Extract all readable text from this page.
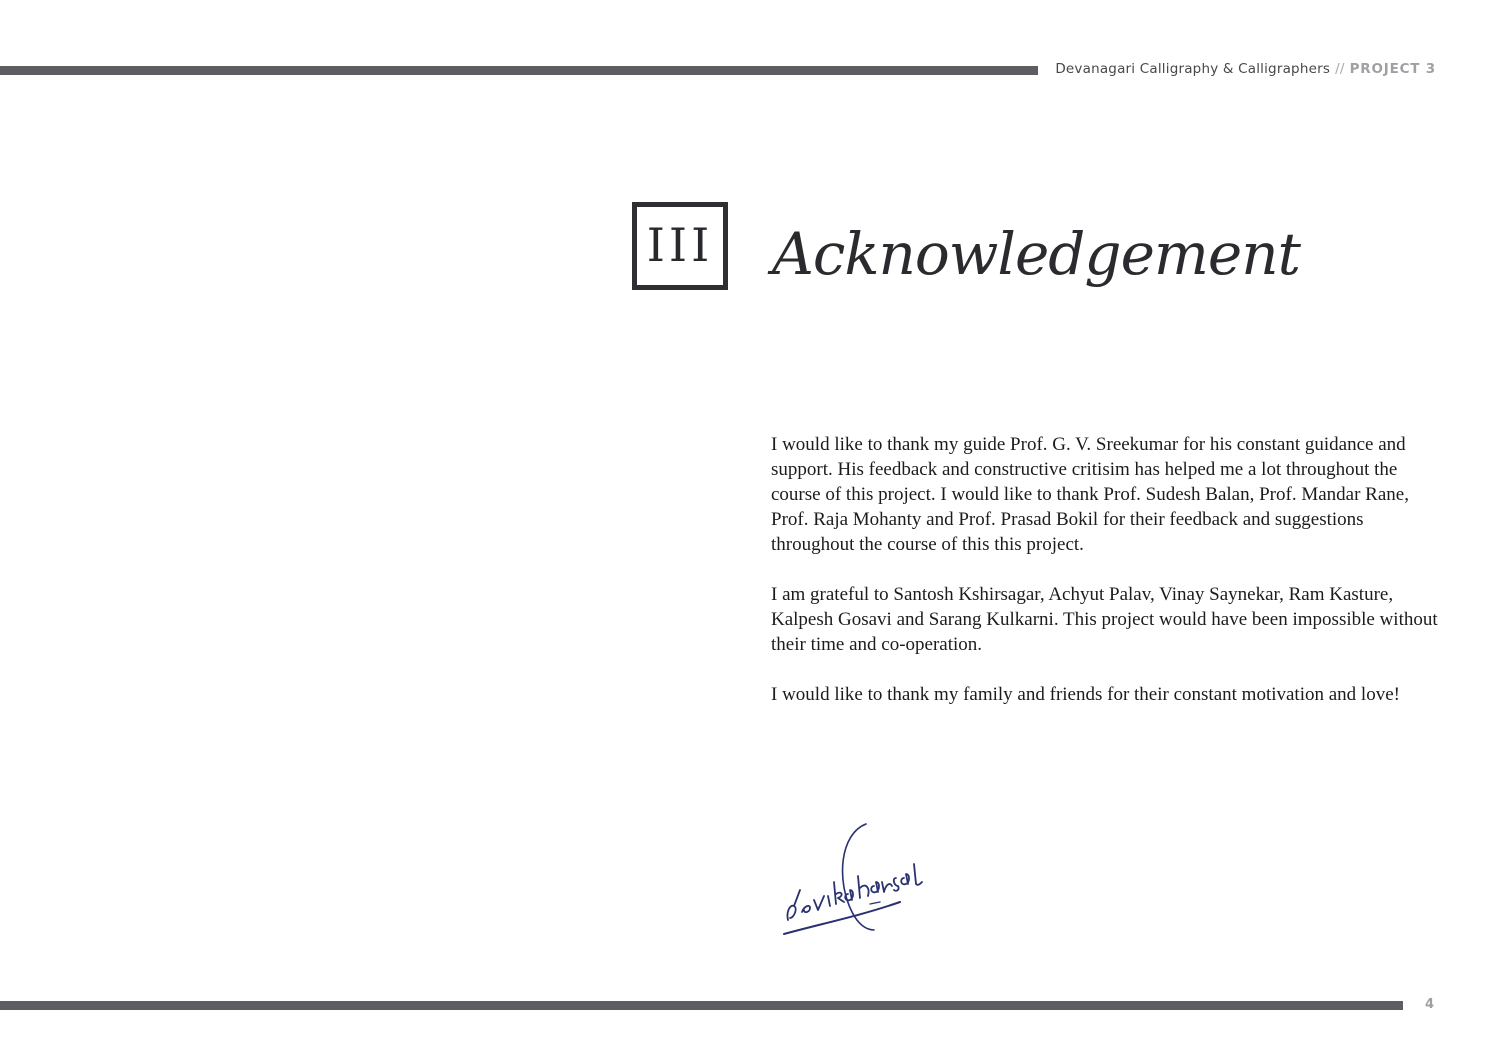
Devanagari Calligraphy & Calligraphers // PROJECT 3
III Acknowledgement

I would like to thank my guide Prof. G. V. Sreekumar for his constant guidance and support. His feedback and constructive critisim has helped me a lot throughout the course of this project. I would like to thank Prof. Sudesh Balan, Prof. Mandar Rane, Prof. Raja Mohanty and Prof. Prasad Bokil for their feedback and suggestions throughout the course of this this project.

I am grateful to Santosh Kshirsagar, Achyut Palav, Vinay Saynekar, Ram Kasture, Kalpesh Gosavi and Sarang Kulkarni. This project would have been impossible without their time and co-operation.

I would like to thank my family and friends for their constant motivation and love!

4
